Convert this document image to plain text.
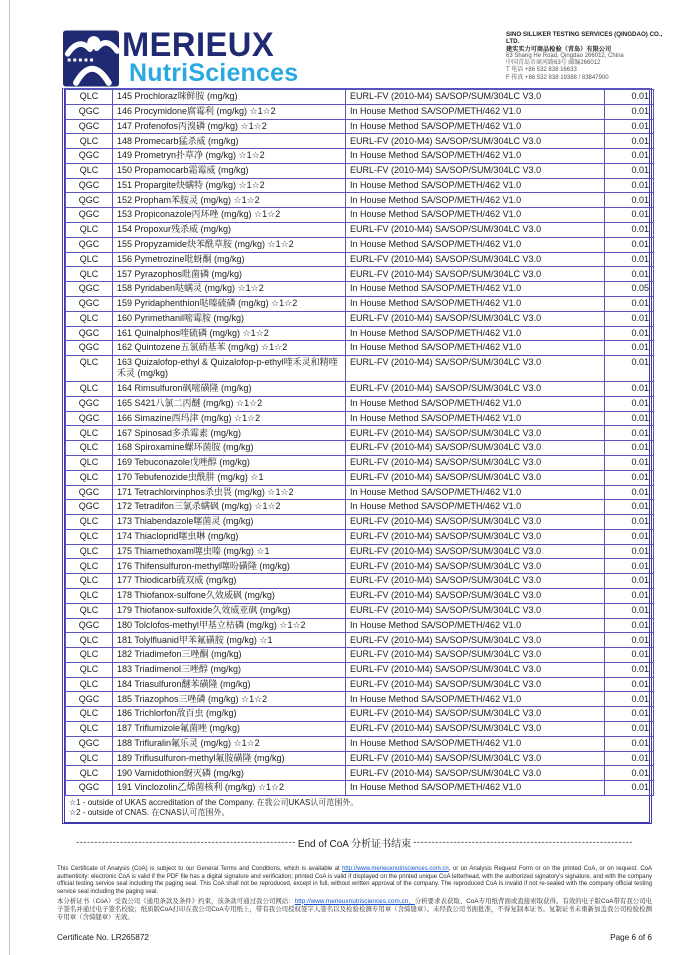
MERIEUX
NutriSciences
SINO SILLIKER TESTING SERVICES (QINGDAO) CO., LTD.
建实实力可商品检验（青岛）有限公司
63 Shang He Road, Qingdao 266012, China
中国青岛市商河路63号 邮编266012
T 电话 +86 532 838 16633
F 传真 +86 532 838 19388 / 83847900
QLC	145 Prochloraz咪鲜胺 (mg/kg)	EURL-FV (2010-M4) SA/SOP/SUM/304LC V3.0	0.01
QGC	146 Procymidone腐霉利 (mg/kg) ☆1☆2	In House Method SA/SOP/METH/462 V1.0	0.01
QGC	147 Profenofos丙溴磷 (mg/kg) ☆1☆2	In House Method SA/SOP/METH/462 V1.0	0.01
QLC	148 Promecarb猛杀威 (mg/kg)	EURL-FV (2010-M4) SA/SOP/SUM/304LC V3.0	0.01
QGC	149 Prometryn扑草净 (mg/kg) ☆1☆2	In House Method SA/SOP/METH/462 V1.0	0.01
QLC	150 Propamocarb霜霉威 (mg/kg)	EURL-FV (2010-M4) SA/SOP/SUM/304LC V3.0	0.01
QGC	151 Propargite炔螨特 (mg/kg) ☆1☆2	In House Method SA/SOP/METH/462 V1.0	0.01
QGC	152 Propham苯胺灵 (mg/kg) ☆1☆2	In House Method SA/SOP/METH/462 V1.0	0.01
QGC	153 Propiconazole丙环唑 (mg/kg) ☆1☆2	In House Method SA/SOP/METH/462 V1.0	0.01
QLC	154 Propoxur残杀威 (mg/kg)	EURL-FV (2010-M4) SA/SOP/SUM/304LC V3.0	0.01
QGC	155 Propyzamide炔苯酰草胺 (mg/kg) ☆1☆2	In House Method SA/SOP/METH/462 V1.0	0.01
QLC	156 Pymetrozine吡蚜酮 (mg/kg)	EURL-FV (2010-M4) SA/SOP/SUM/304LC V3.0	0.01
QLC	157 Pyrazophos吡菌磷 (mg/kg)	EURL-FV (2010-M4) SA/SOP/SUM/304LC V3.0	0.01
QGC	158 Pyridaben哒螨灵 (mg/kg) ☆1☆2	In House Method SA/SOP/METH/462 V1.0	0.05
QGC	159 Pyridaphenthion哒嗪硫磷 (mg/kg) ☆1☆2	In House Method SA/SOP/METH/462 V1.0	0.01
QLC	160 Pyrimethanil嘧霉胺 (mg/kg)	EURL-FV (2010-M4) SA/SOP/SUM/304LC V3.0	0.01
QGC	161 Quinalphos喹硫磷 (mg/kg) ☆1☆2	In House Method SA/SOP/METH/462 V1.0	0.01
QGC	162 Quintozene五氯硝基苯 (mg/kg) ☆1☆2	In House Method SA/SOP/METH/462 V1.0	0.01
QLC	163 Quizalofop-ethyl & Quizalofop-p-ethyl喹禾灵和精喹禾灵 (mg/kg)	EURL-FV (2010-M4) SA/SOP/SUM/304LC V3.0	0.01
QLC	164 Rimsulfuron砜嘧磺隆 (mg/kg)	EURL-FV (2010-M4) SA/SOP/SUM/304LC V3.0	0.01
QGC	165 S421八氯二丙醚 (mg/kg) ☆1☆2	In House Method SA/SOP/METH/462 V1.0	0.01
QGC	166 Simazine西玛津 (mg/kg) ☆1☆2	In House Method SA/SOP/METH/462 V1.0	0.01
QLC	167 Spinosad多杀霉素 (mg/kg)	EURL-FV (2010-M4) SA/SOP/SUM/304LC V3.0	0.01
QLC	168 Spiroxamine螺环菌胺 (mg/kg)	EURL-FV (2010-M4) SA/SOP/SUM/304LC V3.0	0.01
QLC	169 Tebuconazole戊唑醇 (mg/kg)	EURL-FV (2010-M4) SA/SOP/SUM/304LC V3.0	0.01
QLC	170 Tebufenozide虫酰肼 (mg/kg) ☆1	EURL-FV (2010-M4) SA/SOP/SUM/304LC V3.0	0.01
QGC	171 Tetrachlorvinphos杀虫畏 (mg/kg) ☆1☆2	In House Method SA/SOP/METH/462 V1.0	0.01
QGC	172 Tetradifon三氯杀螨砜 (mg/kg) ☆1☆2	In House Method SA/SOP/METH/462 V1.0	0.01
QLC	173 Thiabendazole噻菌灵 (mg/kg)	EURL-FV (2010-M4) SA/SOP/SUM/304LC V3.0	0.01
QLC	174 Thiacloprid噻虫啉 (mg/kg)	EURL-FV (2010-M4) SA/SOP/SUM/304LC V3.0	0.01
QLC	175 Thiamethoxam噻虫嗪 (mg/kg) ☆1	EURL-FV (2010-M4) SA/SOP/SUM/304LC V3.0	0.01
QLC	176 Thifensulfuron-methyl噻吩磺隆 (mg/kg)	EURL-FV (2010-M4) SA/SOP/SUM/304LC V3.0	0.01
QLC	177 Thiodicarb硫双威 (mg/kg)	EURL-FV (2010-M4) SA/SOP/SUM/304LC V3.0	0.01
QLC	178 Thiofanox-sulfone久效威砜 (mg/kg)	EURL-FV (2010-M4) SA/SOP/SUM/304LC V3.0	0.01
QLC	179 Thiofanox-sulfoxide久效威亚砜 (mg/kg)	EURL-FV (2010-M4) SA/SOP/SUM/304LC V3.0	0.01
QGC	180 Tolclofos-methyl甲基立枯磷 (mg/kg) ☆1☆2	In House Method SA/SOP/METH/462 V1.0	0.01
QLC	181 Tolylfluanid甲苯氟磺胺 (mg/kg) ☆1	EURL-FV (2010-M4) SA/SOP/SUM/304LC V3.0	0.01
QLC	182 Triadimefon三唑酮 (mg/kg)	EURL-FV (2010-M4) SA/SOP/SUM/304LC V3.0	0.01
QLC	183 Triadimenol三唑醇 (mg/kg)	EURL-FV (2010-M4) SA/SOP/SUM/304LC V3.0	0.01
QLC	184 Triasulfuron醚苯磺隆 (mg/kg)	EURL-FV (2010-M4) SA/SOP/SUM/304LC V3.0	0.01
QGC	185 Triazophos三唑磷 (mg/kg) ☆1☆2	In House Method SA/SOP/METH/462 V1.0	0.01
QLC	186 Trichlorfon敌百虫 (mg/kg)	EURL-FV (2010-M4) SA/SOP/SUM/304LC V3.0	0.01
QLC	187 Triflumizole氟菌唑 (mg/kg)	EURL-FV (2010-M4) SA/SOP/SUM/304LC V3.0	0.01
QGC	188 Trifluralin氟乐灵 (mg/kg) ☆1☆2	In House Method SA/SOP/METH/462 V1.0	0.01
QLC	189 Triflusulfuron-methyl氟胺磺隆 (mg/kg)	EURL-FV (2010-M4) SA/SOP/SUM/304LC V3.0	0.01
QLC	190 Vamidothion蚜灭磷 (mg/kg)	EURL-FV (2010-M4) SA/SOP/SUM/304LC V3.0	0.01
QGC	191 Vinclozolin乙烯菌核利 (mg/kg) ☆1☆2	In House Method SA/SOP/METH/462 V1.0	0.01
☆1 - outside of UKAS accreditation of the Company. 在我公司UKAS认可范围外。
☆2 - outside of CNAS. 在CNAS认可范围外。
------------------------------------------------------------ End of CoA 分析证书结束 ------------------------------------------------------------
This Certificate of Analysis (CoA) is subject to our General Terms and Conditions, which is available at http://www.merieuxnutrisciences.com.cn, or on Analysis Request Form or on the printed CoA, or on request. CoA authenticity: electronic CoA is valid if the PDF file has a digital signature and verification; printed CoA is valid if displayed on the printed unique CoA letterhead, with the authorized signatory's signature, and with the company official testing service seal including the paging seal. This CoA shall not be reproduced, except in full, without written approval of the company. The reproduced CoA is invalid if not re-sealed with the company official testing service seal including the paging seal.
本分析证书（CoA）受我公司《通用条款及条件》约束，该条款可通过我公司网站：http://www.merieuxnutrisciences.com.cn，分析要求表获取、CoA专用纸背面或直接索取获得。有效的电子版CoA带有我公司电子签名并通过电子签名校验；纸质版CoA打印在我公司CoA专用纸上，带有我公司授权签字人签名以及检验检测专用章（含骑缝章）。未经我公司书面批准，不得复制本证书。复制证书未重新加盖我公司检验检测专用章（含骑缝章）无效。
Certificate No. LR265872	Page 6 of 6
